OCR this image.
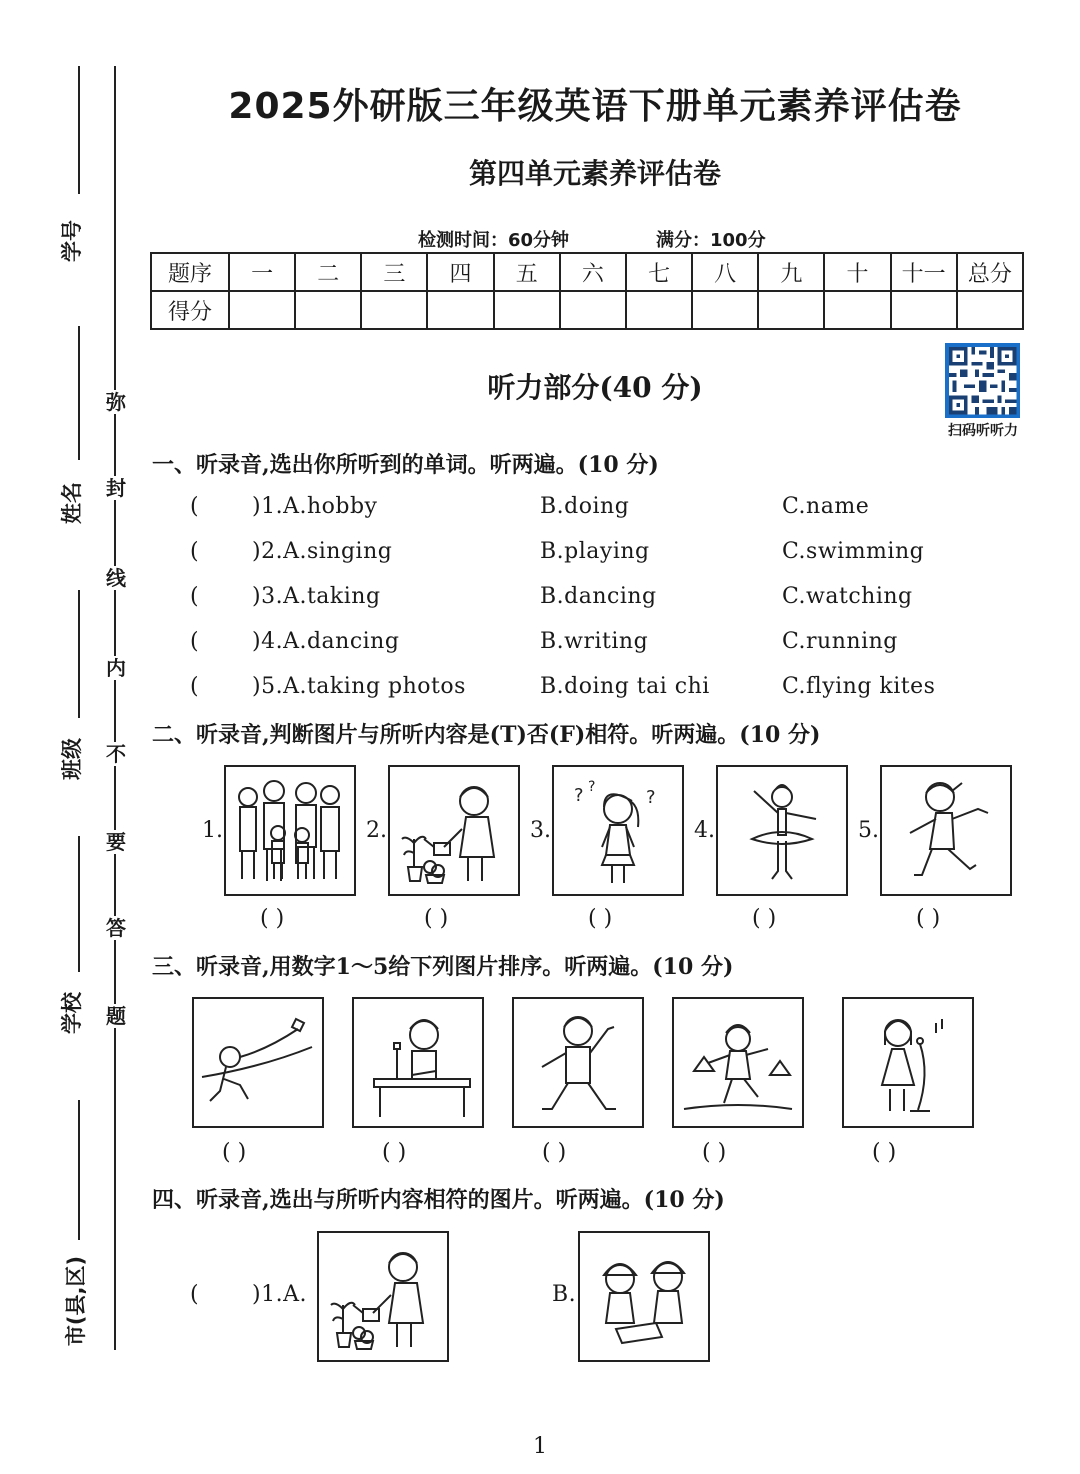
学号
姓名
班级
学校
市(县,区)
弥
封
线
内
不
要
答
题
2025外研版三年级英语下册单元素养评估卷
第四单元素养评估卷
检测时间：60分钟	满分：100分
题序	一	二	三	四	五	六	七	八	九	十	十一	总分
得分												
听力部分(40 分)
扫码听听力
一、听录音,选出你所听到的单词。听两遍。(10 分)
( )1.A.hobby	B.doing	C.name
( )2.A.singing	B.playing	C.swimming
( )3.A.taking	B.dancing	C.watching
( )4.A.dancing	B.writing	C.running
( )5.A.taking photos	B.doing tai chi	C.flying kites
二、听录音,判断图片与所听内容是(T)否(F)相符。听两遍。(10 分)
1.
( )
2.
( )
3.
? ?	?
( )
4.
( )
5.
( )
三、听录音,用数字1～5给下列图片排序。听两遍。(10 分)
( )	( )	( )	( )	( )
四、听录音,选出与所听内容相符的图片。听两遍。(10 分)
( )1.A.	B.
1
